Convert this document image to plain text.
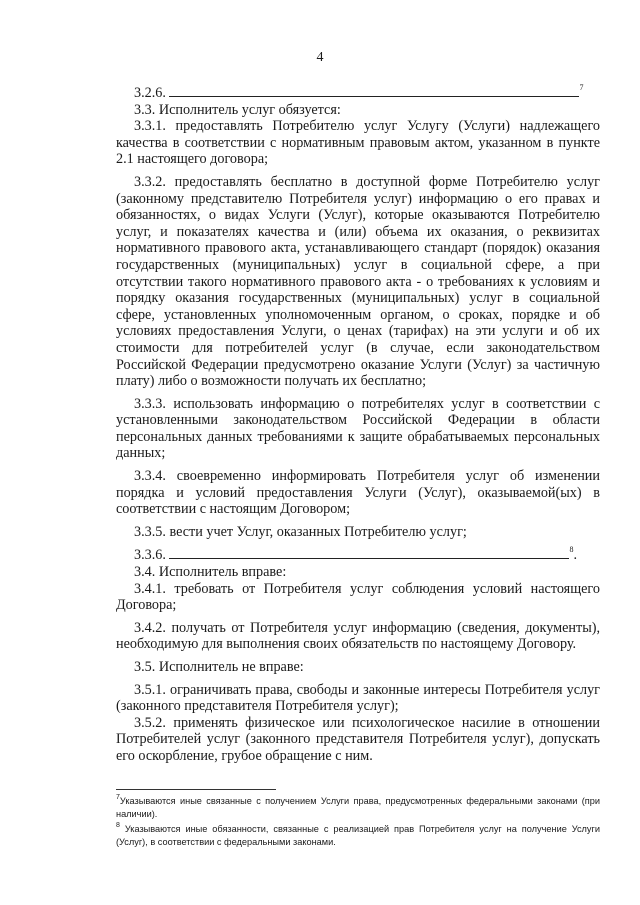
4

3.2.6.	$^7$

3.3. Исполнитель услуг обязуется:

3.3.1. предоставлять Потребителю услуг Услугу (Услуги) надлежащего качества в соответствии с нормативным правовым актом, указанном в пункте 2.1 настоящего договора;

3.3.2. предоставлять бесплатно в доступной форме Потребителю услуг (законному представителю Потребителя услуг) информацию о его правах и обязанностях, о видах Услуги (Услуг), которые оказываются Потребителю услуг, и показателях качества и (или) объема их оказания, о реквизитах нормативного правового акта, устанавливающего стандарт (порядок) оказания государственных (муниципальных) услуг в социальной сфере, а при отсутствии такого нормативного правового акта - о требованиях к условиям и порядку оказания государственных (муниципальных) услуг в социальной сфере, установленных уполномоченным органом, о сроках, порядке и об условиях предоставления Услуги, о ценах (тарифах) на эти услуги и об их стоимости для потребителей услуг (в случае, если законодательством Российской Федерации предусмотрено оказание Услуги (Услуг) за частичную плату) либо о возможности получать их бесплатно;

3.3.3. использовать информацию о потребителях услуг в соответствии с установленными законодательством Российской Федерации в области персональных данных требованиями к защите обрабатываемых персональных данных;

3.3.4. своевременно информировать Потребителя услуг об изменении порядка и условий предоставления Услуги (Услуг), оказываемой(ых) в соответствии с настоящим Договором;

3.3.5. вести учет Услуг, оказанных Потребителю услуг;

3.3.6.	$^8$.

3.4. Исполнитель вправе:

3.4.1. требовать от Потребителя услуг соблюдения условий настоящего Договора;

3.4.2. получать от Потребителя услуг информацию (сведения, документы), необходимую для выполнения своих обязательств по настоящему Договору.

3.5. Исполнитель не вправе:

3.5.1. ограничивать права, свободы и законные интересы Потребителя услуг (законного представителя Потребителя услуг);

3.5.2. применять физическое или психологическое насилие в отношении Потребителей услуг (законного представителя Потребителя услуг), допускать его оскорбление, грубое обращение с ним.

$^7$Указываются иные связанные с получением Услуги права, предусмотренных федеральными законами (при наличии).

$^8$ Указываются иные обязанности, связанные с реализацией прав Потребителя услуг на получение Услуги (Услуг), в соответствии с федеральными законами.
